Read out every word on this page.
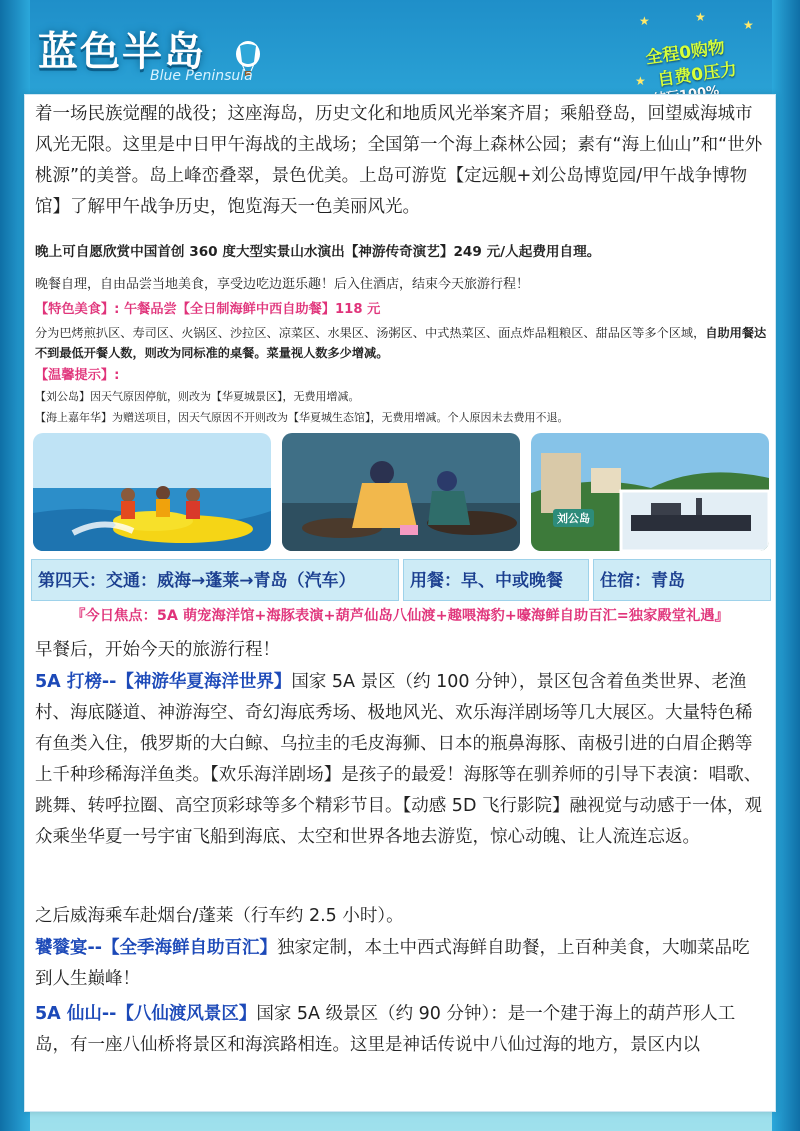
蓝色半岛
Blue Peninsula
★	★
★
★
全程0购物
自费0压力
着一场民族觉醒的战役；这座海岛，历史文化和地质风光举案齐眉；乘船登岛，回望威海城市风光无限。这里是中日甲午海战的主战场；全国第一个海上森林公园；素有“海上仙山”和“世外桃源”的美誉。岛上峰峦叠翠，景色优美。上岛可游览【定远舰+刘公岛博览园/甲午战争博物馆】了解甲午战争历史，饱览海天一色美丽风光。
晚上可自愿欣赏中国首创 360 度大型实景山水演出【神游传奇演艺】249 元/人起费用自理。
晚餐自理，自由品尝当地美食，享受边吃边逛乐趣！后入住酒店，结束今天旅游行程！
【特色美食】: 午餐品尝【全日制海鲜中西自助餐】118 元
分为巴烤煎扒区、寿司区、火锅区、沙拉区、凉菜区、水果区、汤粥区、中式热菜区、面点炸品粗粮区、甜品区等多个区域，自助用餐达不到最低开餐人数，则改为同标准的桌餐。菜量视人数多少增减。
【温馨提示】:
【刘公岛】因天气原因停航，则改为【华夏城景区】，无费用增减。
【海上嘉年华】为赠送项目，因天气原因不开则改为【华夏城生态馆】，无费用增减。个人原因未去费用不退。
刘公岛
第四天：交通：威海→蓬莱→青岛（汽车）	用餐：早、中或晚餐	住宿：青岛
『今日焦点：5A 萌宠海洋馆+海豚表演+葫芦仙岛八仙渡+趣喂海豹+嚎海鲜自助百汇=独家殿堂礼遇』
早餐后，开始今天的旅游行程！
5A 打榜--【神游华夏海洋世界】国家 5A 景区（约 100 分钟），景区包含着鱼类世界、老渔村、海底隧道、神游海空、奇幻海底秀场、极地风光、欢乐海洋剧场等几大展区。大量特色稀有鱼类入住，俄罗斯的大白鲸、乌拉圭的毛皮海狮、日本的瓶鼻海豚、南极引进的白眉企鹅等上千种珍稀海洋鱼类。【欢乐海洋剧场】是孩子的最爱！海豚等在驯养师的引导下表演：唱歌、跳舞、转呼拉圈、高空顶彩球等多个精彩节目。【动感 5D 飞行影院】融视觉与动感于一体，观众乘坐华夏一号宇宙飞船到海底、太空和世界各地去游览，惊心动魄、让人流连忘返。
之后威海乘车赴烟台/蓬莱（行车约 2.5 小时）。
饕餮宴--【全季海鲜自助百汇】独家定制，本土中西式海鲜自助餐，上百种美食，大咖菜品吃到人生巅峰！
5A 仙山--【八仙渡风景区】国家 5A 级景区（约 90 分钟）：是一个建于海上的葫芦形人工岛，有一座八仙桥将景区和海滨路相连。这里是神话传说中八仙过海的地方，景区内以
